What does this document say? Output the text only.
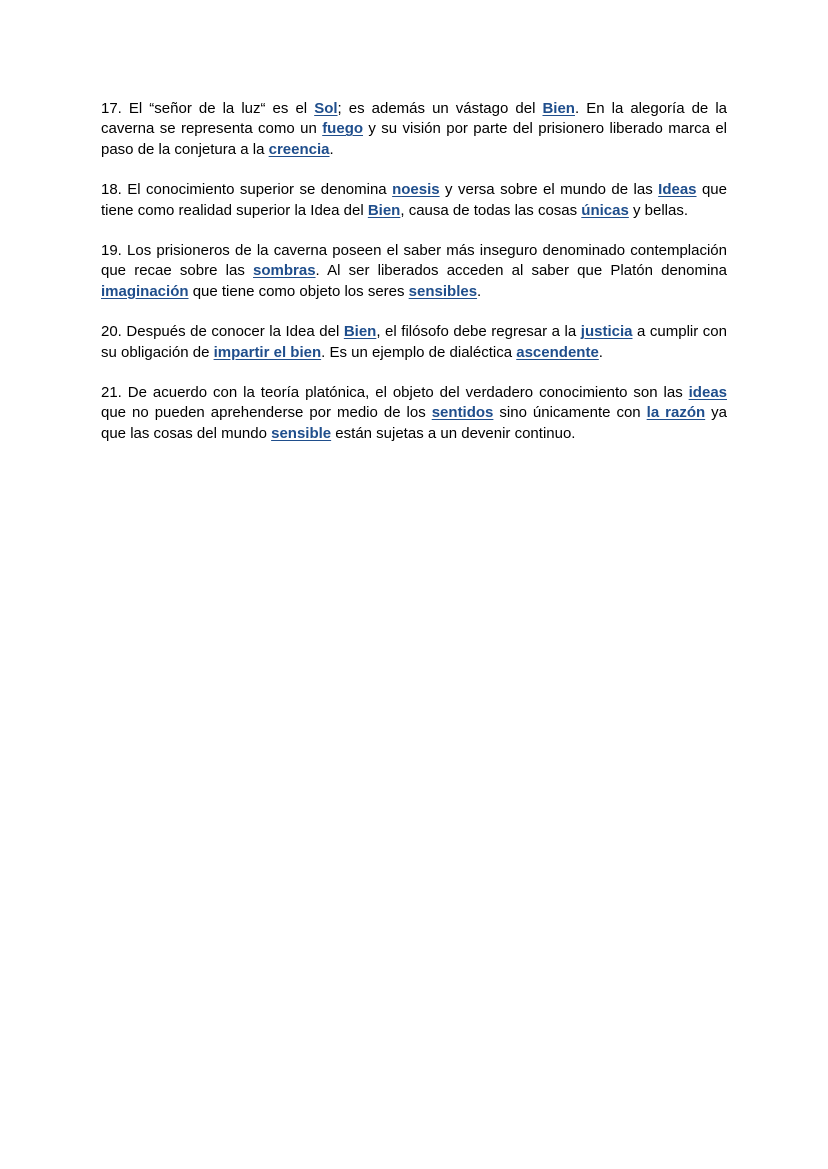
17. El “señor de la luz“ es el Sol; es además un vástago del Bien. En la alegoría de la caverna se representa como un fuego y su visión por parte del prisionero liberado marca el paso de la conjetura a la creencia.

18. El conocimiento superior se denomina noesis y versa sobre el mundo de las Ideas que tiene como realidad superior la Idea del Bien, causa de todas las cosas únicas y bellas.

19. Los prisioneros de la caverna poseen el saber más inseguro denominado contemplación que recae sobre las sombras. Al ser liberados acceden al saber que Platón denomina imaginación que tiene como objeto los seres sensibles.

20. Después de conocer la Idea del Bien, el filósofo debe regresar a la justicia a cumplir con su obligación de impartir el bien. Es un ejemplo de dialéctica ascendente.

21. De acuerdo con la teoría platónica, el objeto del verdadero conocimiento son las ideas que no pueden aprehenderse por medio de los sentidos sino únicamente con la razón ya que las cosas del mundo sensible están sujetas a un devenir continuo.
